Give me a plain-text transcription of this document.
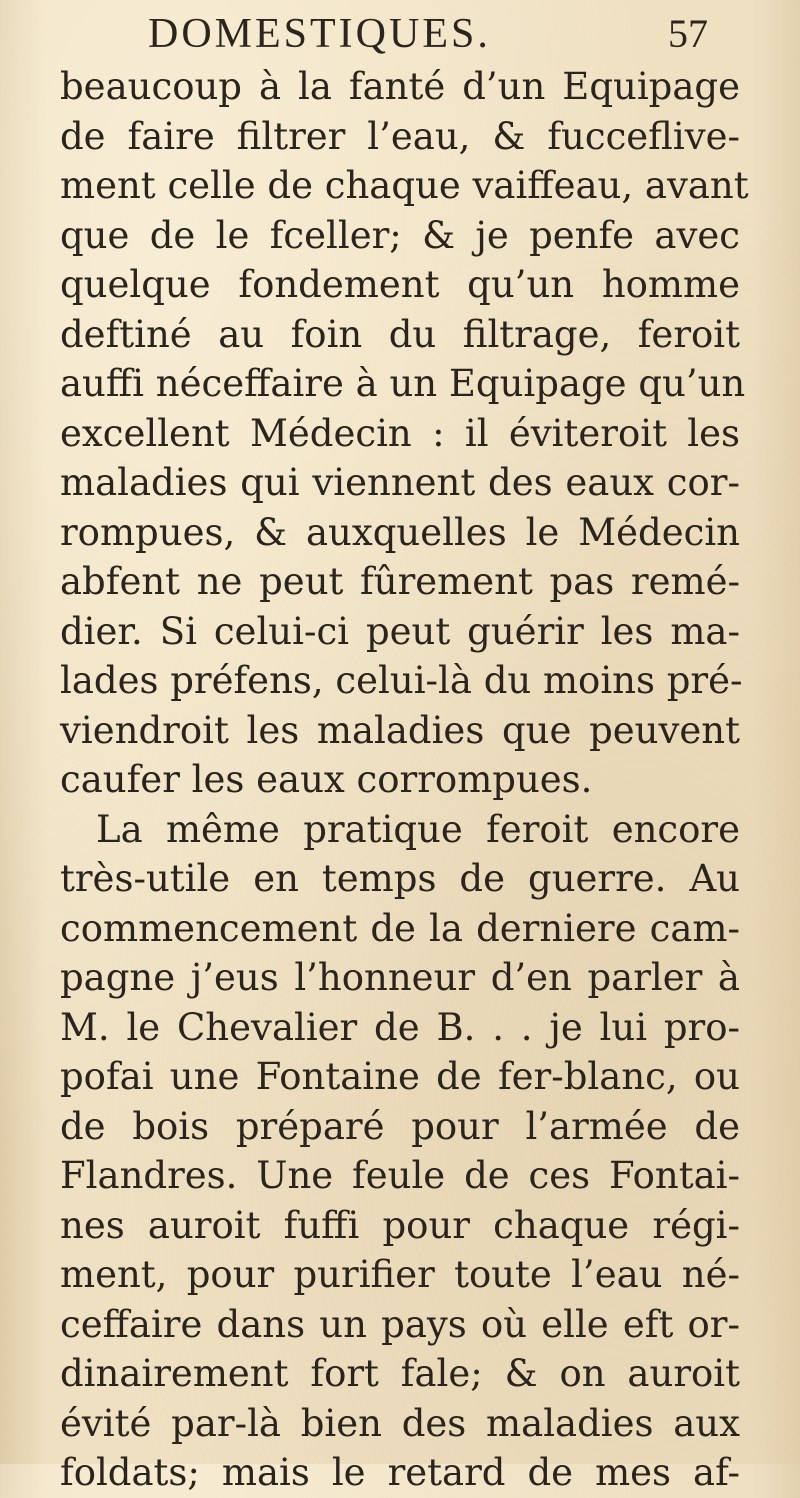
DOMESTIQUES.	57
beaucoup à la fanté d’un Equipage
de faire filtrer l’eau, & fucceflive-
ment celle de chaque vaiffeau, avant
que de le fceller; & je penfe avec
quelque fondement qu’un homme
deftiné au foin du filtrage, feroit
auffi néceffaire à un Equipage qu’un
excellent Médecin : il éviteroit les
maladies qui viennent des eaux cor-
rompues, & auxquelles le Médecin
abfent ne peut fûrement pas remé-
dier. Si celui-ci peut guérir les ma-
lades préfens, celui-là du moins pré-
viendroit les maladies que peuvent
caufer les eaux corrompues.
La même pratique feroit encore
très-utile en temps de guerre. Au
commencement de la derniere cam-
pagne j’eus l’honneur d’en parler à
M. le Chevalier de B. . . je lui pro-
pofai une Fontaine de fer-blanc, ou
de bois préparé pour l’armée de
Flandres. Une feule de ces Fontai-
nes auroit fuffi pour chaque régi-
ment, pour purifier toute l’eau né-
ceffaire dans un pays où elle eft or-
dinairement fort fale; & on auroit
évité par-là bien des maladies aux
foldats; mais le retard de mes af-
